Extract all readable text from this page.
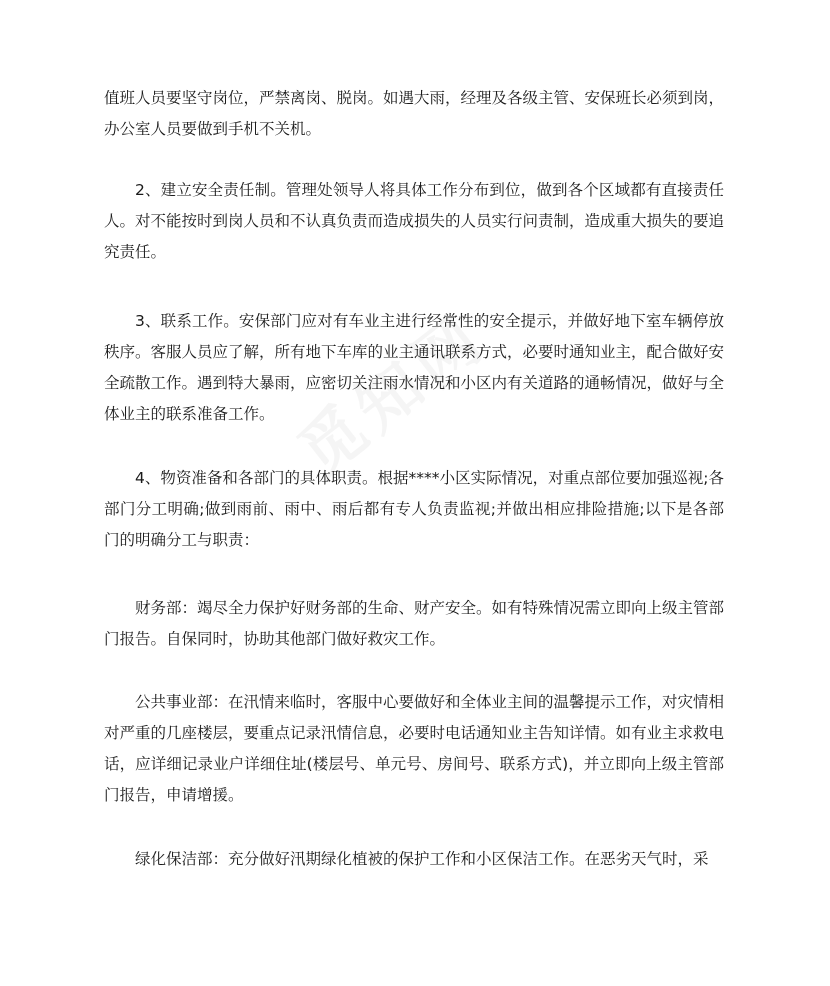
值班人员要坚守岗位，严禁离岗、脱岗。如遇大雨，经理及各级主管、安保班长必须到岗，办公室人员要做到手机不关机。

2、建立安全责任制。管理处领导人将具体工作分布到位，做到各个区域都有直接责任人。对不能按时到岗人员和不认真负责而造成损失的人员实行问责制，造成重大损失的要追究责任。

3、联系工作。安保部门应对有车业主进行经常性的安全提示，并做好地下室车辆停放秩序。客服人员应了解，所有地下车库的业主通讯联系方式，必要时通知业主，配合做好安全疏散工作。遇到特大暴雨，应密切关注雨水情况和小区内有关道路的通畅情况，做好与全体业主的联系准备工作。

4、物资准备和各部门的具体职责。根据****小区实际情况，对重点部位要加强巡视;各部门分工明确;做到雨前、雨中、雨后都有专人负责监视;并做出相应排险措施;以下是各部门的明确分工与职责：

财务部：竭尽全力保护好财务部的生命、财产安全。如有特殊情况需立即向上级主管部门报告。自保同时，协助其他部门做好救灾工作。

公共事业部：在汛情来临时，客服中心要做好和全体业主间的温馨提示工作，对灾情相对严重的几座楼层，要重点记录汛情信息，必要时电话通知业主告知详情。如有业主求救电话，应详细记录业户详细住址(楼层号、单元号、房间号、联系方式)，并立即向上级主管部门报告，申请增援。

绿化保洁部：充分做好汛期绿化植被的保护工作和小区保洁工作。在恶劣天气时，采
